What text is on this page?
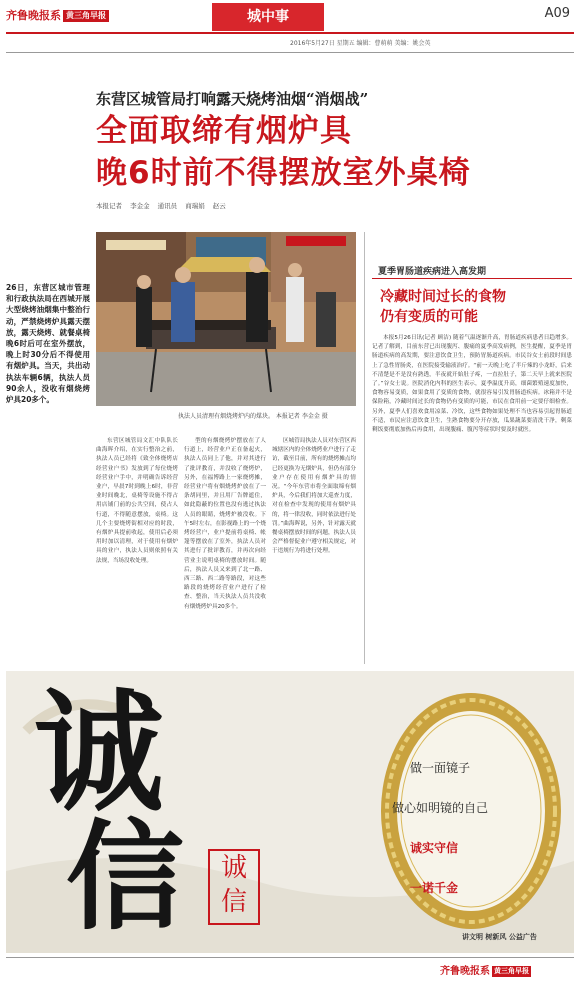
齐鲁晚报系 黄三角早报	城中事	A09
2016年5月27日 星期五 编辑：曹萌萌 美编：姚会英
东营区城管局打响露天烧烤油烟“消烟战”
全面取缔有烟炉具
晚6时前不得摆放室外桌椅
本报记者 李金金 通讯员 商瑞娟 赵云
执法人员清理有烟烧烤炉内的煤块。 本报记者 李金金 摄
26日，东营区城市管理和行政执法局在西城开展大型烧烤油烟集中整治行动，严禁烧烤炉具露天摆放，露天烧烤、就餐桌椅晚6时后可在室外摆放，晚上时30分后不得使用有烟炉具。当天，共出动执法车辆6辆，执法人员90余人，没收有烟烧烤炉具20多个。
东营区城管局文汇中队队长曲海晖介绍，在实行整治之前，执法人员已经将《致全体烧烤店经营业户书》发放到了每位烧烤经营业户手中，并明确告诉经营业户，早晨7时到晚上6时，非营业时间晚北，桌椅等设施不得占用店铺门前的公共空间，使占人行道，不得随意摆放，桌椅。这几个主要烧烤街相对应的时段，有烟炉具提前收起，使用后必须用时加以清理，对于使用有烟炉具的业户，执法人员则依照有关法规，当场没收处理。
型的有烟烧烤炉摆放在了人行道上，经营业户正在备起火，执法人员同上了他，并对其进行了批评教育，并没收了烧烤炉，另外，在福博路上一家烧烤摊，经营业户将有烟烧烤炉放在了一条胡同里，并且用厂告牌遮住，如此隐蔽的位置也没有逃过执法人员的眼睛，烧烤炉被没收。下午5时左右，在影视路上的一个烧烤经营户，业户提前将桌椅、帐篷等摆放在了室外，执法人员对其进行了批评教育，并再次向经营业主说明桌椅的摆放时间。随后，执法人员又来到了北一路、西三路、西二路等路段，对这些路段的烧烤经营业户进行了检查、整治，当天执法人员共没收有烟烧烤炉具20多个。
区城管局执法人员对东营区西城辖区内的全体烧烤业户进行了走访，截至目前，所有的烧烤摊点均已经更换为无烟炉具，但仍有部分业户存在使用有烟炉具的情况。“今年东营市将全面取缔有烟炉具，今后我们将加大巡查力度，对在检查中发现的使用有烟炉具的，将一律没收，同时依法进行处罚。”曲海晖说，另外，针对露天就餐桌椅摆放时间的问题，执法人员会严格督促业户遵守相关规定，对于违规行为将进行处理。
夏季胃肠道疾病进入高发期
冷藏时间过长的食物
仍有变质的可能
本报5月26日讯(记者 顾洁) 随着气温逐渐升高，胃肠道疾病患者日趋增多。记者了解到，目前东营已出现腹泻、腹痛的夏季高发病例，医生提醒，夏季是胃肠道疾病的高发期，要注意饮食卫生，预防胃肠道疾病。市民谷女士前段时间患上了急性胃肠炎，在医院接受输液治疗。“前一天晚上吃了半斤辣的小龙虾，后来不清楚是不是没有熟透，半夜就开始肚子疼，一直拉肚子，第二天早上就来医院了。”谷女士说。医院消化内科的医生表示，夏季温度升高，细菌繁殖速度加快，食物容易变质，如果食用了变质的食物，就很容易引发胃肠道疾病。冰箱并不是保险箱，冷藏时间过长的食物仍有变质的可能，市民在食用前一定要仔细检查。另外，夏季人们喜欢食用凉菜、冷饮，这些食物如果处理不当也容易引起胃肠道不适，市民应注意饮食卫生，生熟食物要分开存放，瓜果蔬菜要清洗干净，剩菜剩饭要彻底加热后再食用，出现腹痛、腹泻等症状时要及时就医。
诚
信	诚信
做一面镜子
做心如明镜的自己
诚实守信
一诺千金
讲文明 树新风 公益广告
齐鲁晚报系 黄三角早报
